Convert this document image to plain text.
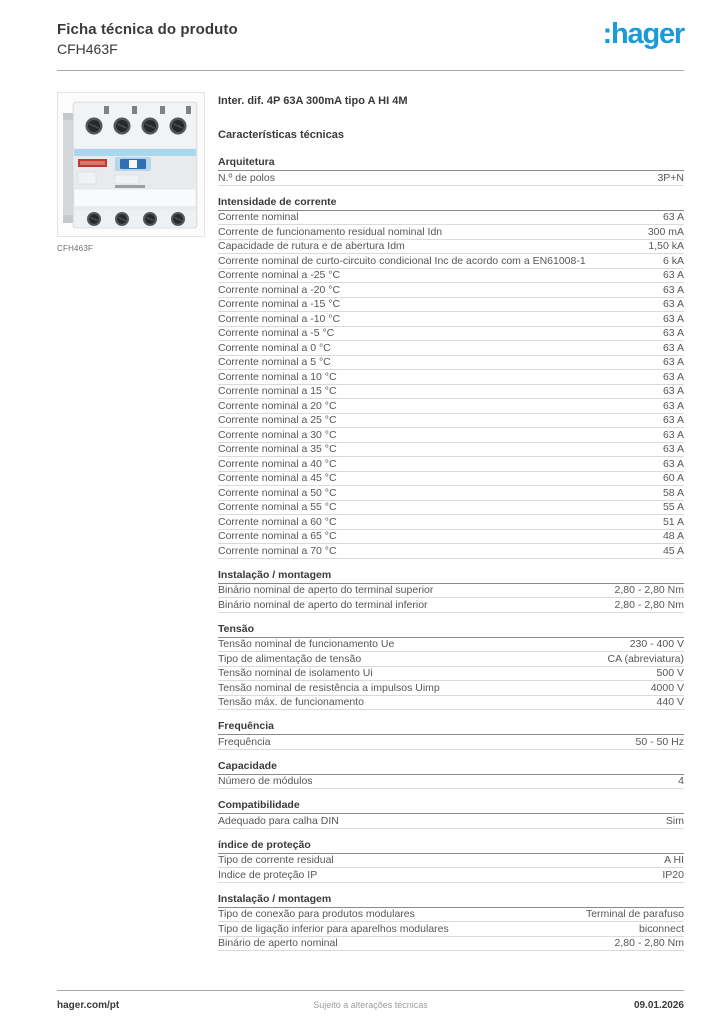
Ficha técnica do produto
CFH463F	:hager
CFH463F
Inter. dif. 4P 63A 300mA tipo A HI 4M
Características técnicas
Arquitetura
N.º de polos	3P+N
Intensidade de corrente
Corrente nominal	63 A
Corrente de funcionamento residual nominal Idn	300 mA
Capacidade de rutura e de abertura Idm	1,50 kA
Corrente nominal de curto-circuito condicional Inc de acordo com a EN61008-1	6 kA
Corrente nominal a -25 °C	63 A
Corrente nominal a -20 °C	63 A
Corrente nominal a -15 °C	63 A
Corrente nominal a -10 °C	63 A
Corrente nominal a -5 °C	63 A
Corrente nominal a 0 °C	63 A
Corrente nominal a 5 °C	63 A
Corrente nominal a 10 °C	63 A
Corrente nominal a 15 °C	63 A
Corrente nominal a 20 °C	63 A
Corrente nominal a 25 °C	63 A
Corrente nominal a 30 °C	63 A
Corrente nominal a 35 °C	63 A
Corrente nominal a 40 °C	63 A
Corrente nominal a 45 °C	60 A
Corrente nominal a 50 °C	58 A
Corrente nominal a 55 °C	55 A
Corrente nominal a 60 °C	51 A
Corrente nominal a 65 °C	48 A
Corrente nominal a 70 °C	45 A
Instalação / montagem
Binário nominal de aperto do terminal superior	2,80 - 2,80 Nm
Binário nominal de aperto do terminal inferior	2,80 - 2,80 Nm
Tensão
Tensão nominal de funcionamento Ue	230 - 400 V
Tipo de alimentação de tensão	CA (abreviatura)
Tensão nominal de isolamento Ui	500 V
Tensão nominal de resistência a impulsos Uimp	4000 V
Tensão máx. de funcionamento	440 V
Frequência
Frequência	50 - 50 Hz
Capacidade
Número de módulos	4
Compatibilidade
Adequado para calha DIN	Sim
índice de proteção
Tipo de corrente residual	A HI
Índice de proteção IP	IP20
Instalação / montagem
Tipo de conexão para produtos modulares	Terminal de parafuso
Tipo de ligação inferior para aparelhos modulares	biconnect
Binário de aperto nominal	2,80 - 2,80 Nm
hager.com/pt	Sujeito a alterações técnicas	09.01.2026
